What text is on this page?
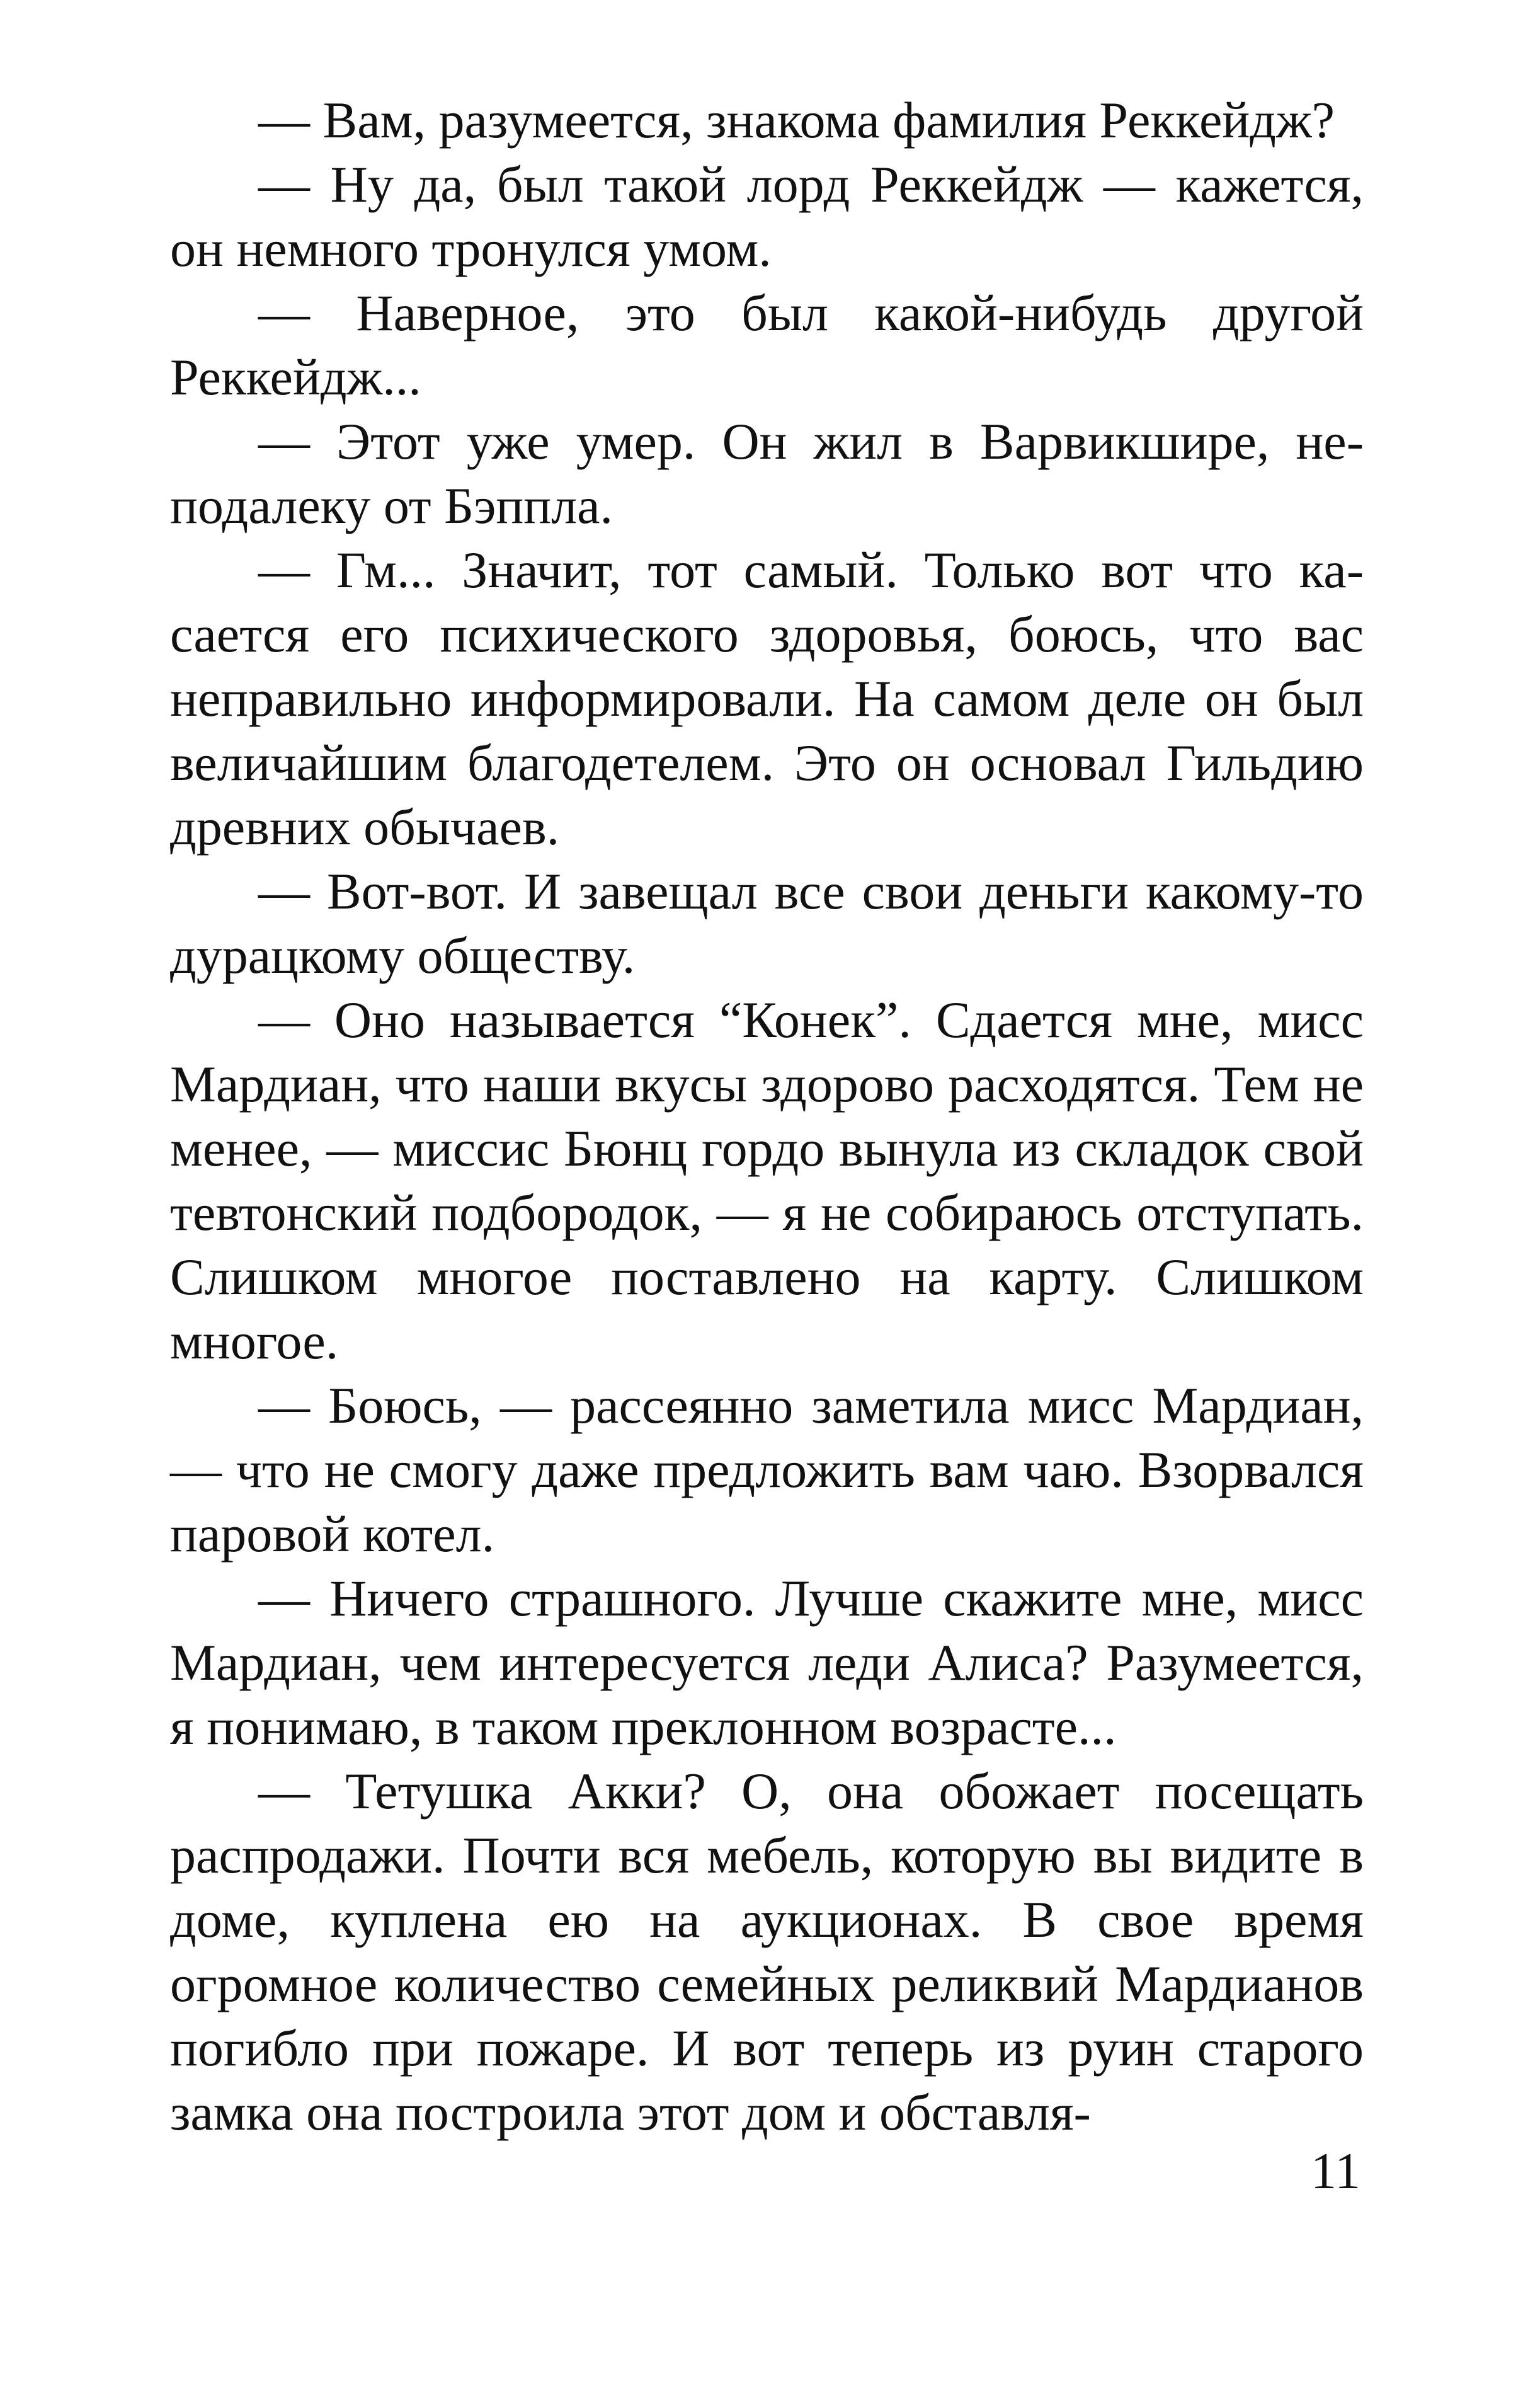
— Вам, разумеется, знакома фамилия Реккейдж?

— Ну да, был такой лорд Реккейдж — кажется, он немного тронулся умом.

— Наверное, это был какой-нибудь другой Реккейдж...

— Этот уже умер. Он жил в Варвикшире, неподалеку от Бэппла.

— Гм... Значит, тот самый. Только вот что касается его психического здоровья, боюсь, что вас неправильно информировали. На самом деле он был величайшим благодетелем. Это он основал Гильдию древних обычаев.

— Вот-вот. И завещал все свои деньги какому-то дурацкому обществу.

— Оно называется “Конек”. Сдается мне, мисс Мардиан, что наши вкусы здорово расходятся. Тем не менее, — миссис Бюнц гордо вынула из складок свой тевтонский подбородок, — я не собираюсь отступать. Слишком многое поставлено на карту. Слишком многое.

— Боюсь, — рассеянно заметила мисс Мардиан, — что не смогу даже предложить вам чаю. Взорвался паровой котел.

— Ничего страшного. Лучше скажите мне, мисс Мардиан, чем интересуется леди Алиса? Разумеется, я понимаю, в таком преклонном возрасте...

— Тетушка Акки? О, она обожает посещать распродажи. Почти вся мебель, которую вы видите в доме, куплена ею на аукционах. В свое время огромное количество семейных реликвий Мардианов погибло при пожаре. И вот теперь из руин старого замка она построила этот дом и обставля-

11
